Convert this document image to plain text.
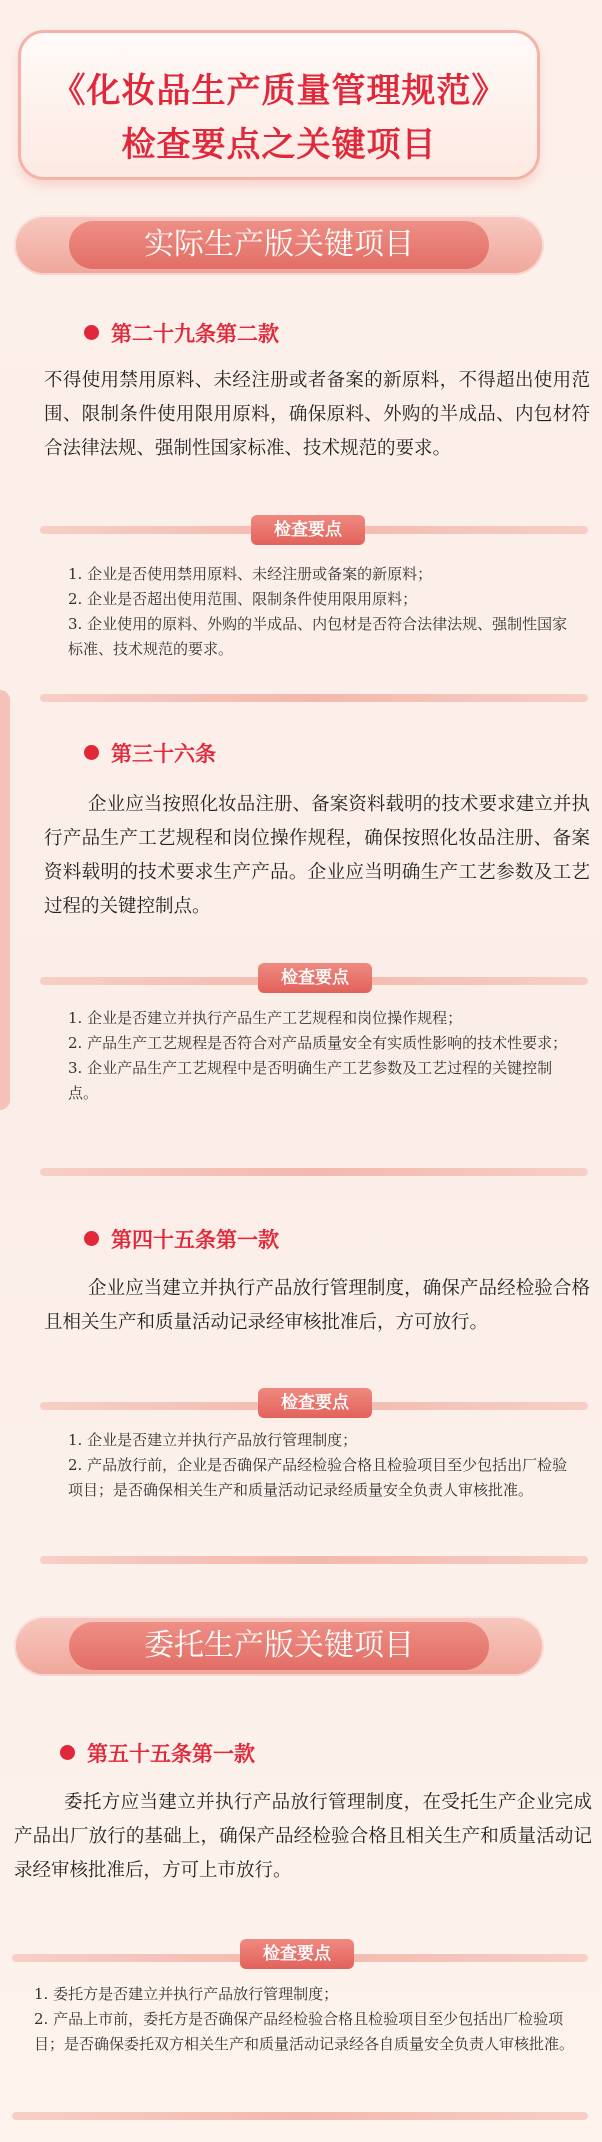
《化妆品生产质量管理规范》
检查要点之关键项目
实际生产版关键项目
第二十九条第二款
不得使用禁用原料、未经注册或者备案的新原料，不得超出使用范围、限制条件使用限用原料，确保原料、外购的半成品、内包材符合法律法规、强制性国家标准、技术规范的要求。
检查要点

1. 企业是否使用禁用原料、未经注册或备案的新原料；

2. 企业是否超出使用范围、限制条件使用限用原料；

3. 企业使用的原料、外购的半成品、内包材是否符合法律法规、强制性国家标准、技术规范的要求。

第三十六条
企业应当按照化妆品注册、备案资料载明的技术要求建立并执行产品生产工艺规程和岗位操作规程，确保按照化妆品注册、备案资料载明的技术要求生产产品。企业应当明确生产工艺参数及工艺过程的关键控制点。
检查要点

1. 企业是否建立并执行产品生产工艺规程和岗位操作规程；

2. 产品生产工艺规程是否符合对产品质量安全有实质性影响的技术性要求；

3. 企业产品生产工艺规程中是否明确生产工艺参数及工艺过程的关键控制点。

第四十五条第一款
企业应当建立并执行产品放行管理制度，确保产品经检验合格且相关生产和质量活动记录经审核批准后，方可放行。
检查要点

1. 企业是否建立并执行产品放行管理制度；

2. 产品放行前，企业是否确保产品经检验合格且检验项目至少包括出厂检验项目；是否确保相关生产和质量活动记录经质量安全负责人审核批准。

委托生产版关键项目
第五十五条第一款
委托方应当建立并执行产品放行管理制度，在受托生产企业完成产品出厂放行的基础上，确保产品经检验合格且相关生产和质量活动记录经审核批准后，方可上市放行。
检查要点

1. 委托方是否建立并执行产品放行管理制度；

2. 产品上市前，委托方是否确保产品经检验合格且检验项目至少包括出厂检验项目；是否确保委托双方相关生产和质量活动记录经各自质量安全负责人审核批准。
